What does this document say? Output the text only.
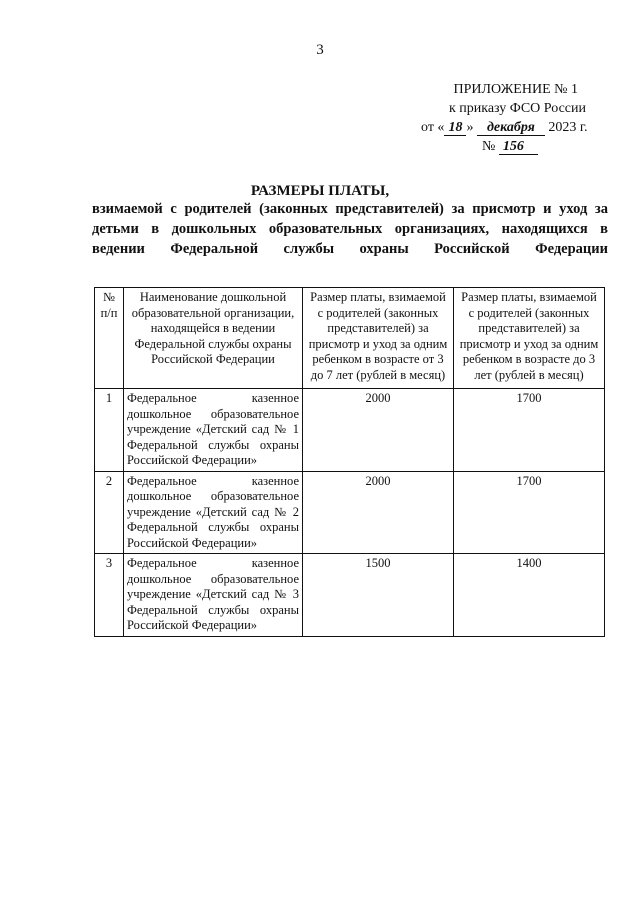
3
ПРИЛОЖЕНИЕ № 1
к приказу ФСО России
от « 18 » декабря 2023 г.
№ 156
РАЗМЕРЫ ПЛАТЫ,
взимаемой с родителей (законных представителей) за присмотр и уход за детьми в дошкольных образовательных организациях, находящихся в ведении Федеральной службы охраны Российской Федерации
№ п/п	Наименование дошкольной образовательной организации, находящейся в ведении Федеральной службы охраны Российской Федерации	Размер платы, взимаемой с родителей (законных представителей) за присмотр и уход за одним ребенком в возрасте от 3 до 7 лет (рублей в месяц)	Размер платы, взимаемой с родителей (законных представителей) за присмотр и уход за одним ребенком в возрасте до 3 лет (рублей в месяц)
1	Федеральное казенное дошкольное образовательное учреждение «Детский сад № 1 Федеральной службы охраны Российской Федерации»	2000	1700
2	Федеральное казенное дошкольное образовательное учреждение «Детский сад № 2 Федеральной службы охраны Российской Федерации»	2000	1700
3	Федеральное казенное дошкольное образовательное учреждение «Детский сад № 3 Федеральной службы охраны Российской Федерации»	1500	1400
